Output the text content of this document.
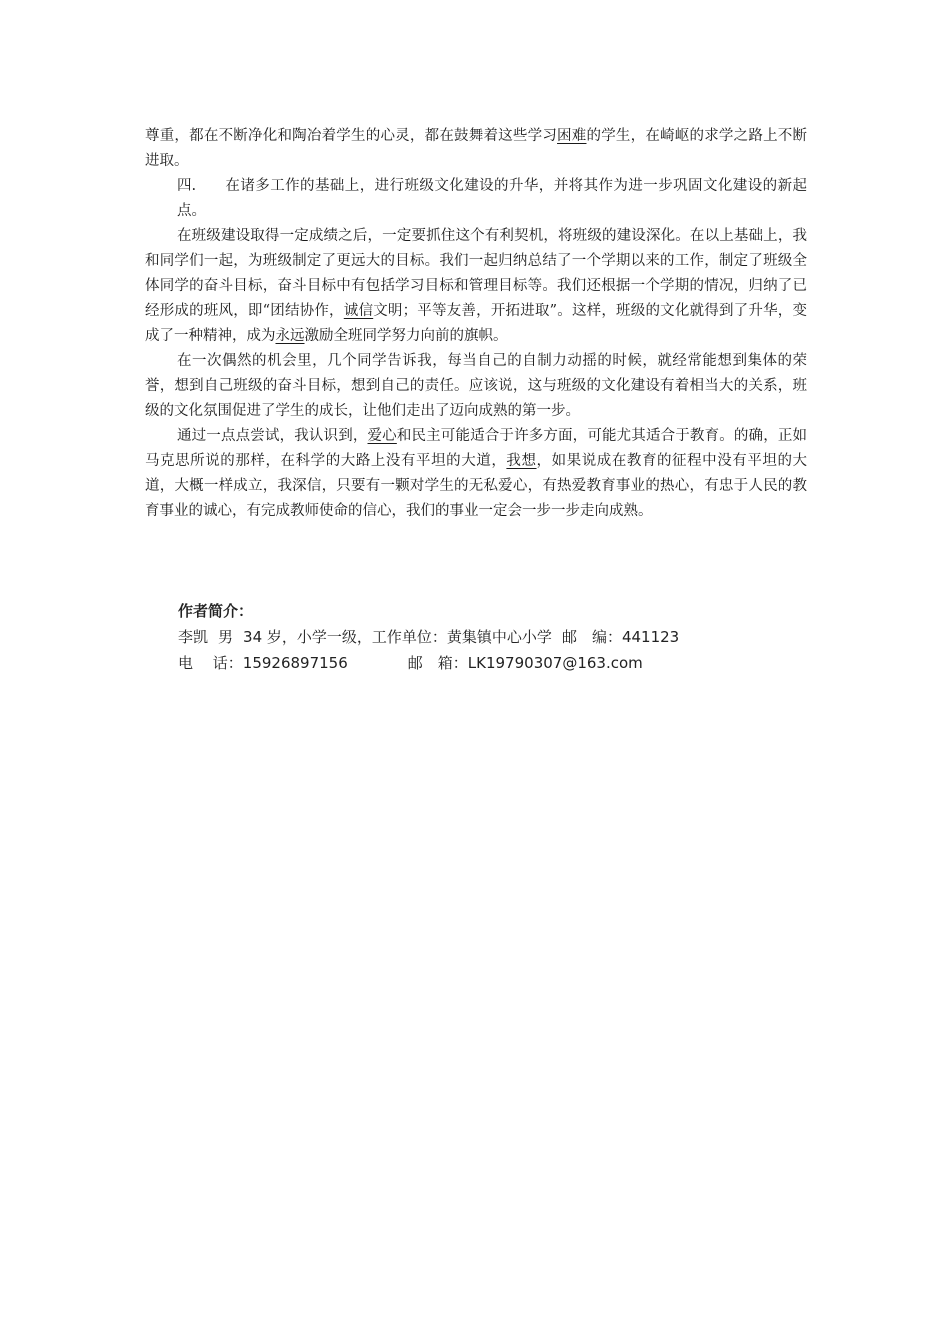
尊重，都在不断净化和陶冶着学生的心灵，都在鼓舞着这些学习困难的学生，在崎岖的求学之路上不断进取。

四. 在诸多工作的基础上，进行班级文化建设的升华，并将其作为进一步巩固文化建设的新起点。

在班级建设取得一定成绩之后，一定要抓住这个有利契机，将班级的建设深化。在以上基础上，我和同学们一起，为班级制定了更远大的目标。我们一起归纳总结了一个学期以来的工作，制定了班级全体同学的奋斗目标，奋斗目标中有包括学习目标和管理目标等。我们还根据一个学期的情况，归纳了已经形成的班风，即“团结协作，诚信文明；平等友善，开拓进取”。这样，班级的文化就得到了升华，变成了一种精神，成为永远激励全班同学努力向前的旗帜。

在一次偶然的机会里，几个同学告诉我，每当自己的自制力动摇的时候，就经常能想到集体的荣誉，想到自己班级的奋斗目标，想到自己的责任。应该说，这与班级的文化建设有着相当大的关系，班级的文化氛围促进了学生的成长，让他们走出了迈向成熟的第一步。

通过一点点尝试，我认识到，爱心和民主可能适合于许多方面，可能尤其适合于教育。的确，正如马克思所说的那样，在科学的大路上没有平坦的大道，我想，如果说成在教育的征程中没有平坦的大道，大概一样成立，我深信，只要有一颗对学生的无私爱心，有热爱教育事业的热心，有忠于人民的教育事业的诚心，有完成教师使命的信心，我们的事业一定会一步一步走向成熟。

作者简介：
李凯 男 34 岁，小学一级，工作单位：黄集镇中心小学 邮　编：441123
电　 话：15926897156	邮　箱：LK19790307@163.com
